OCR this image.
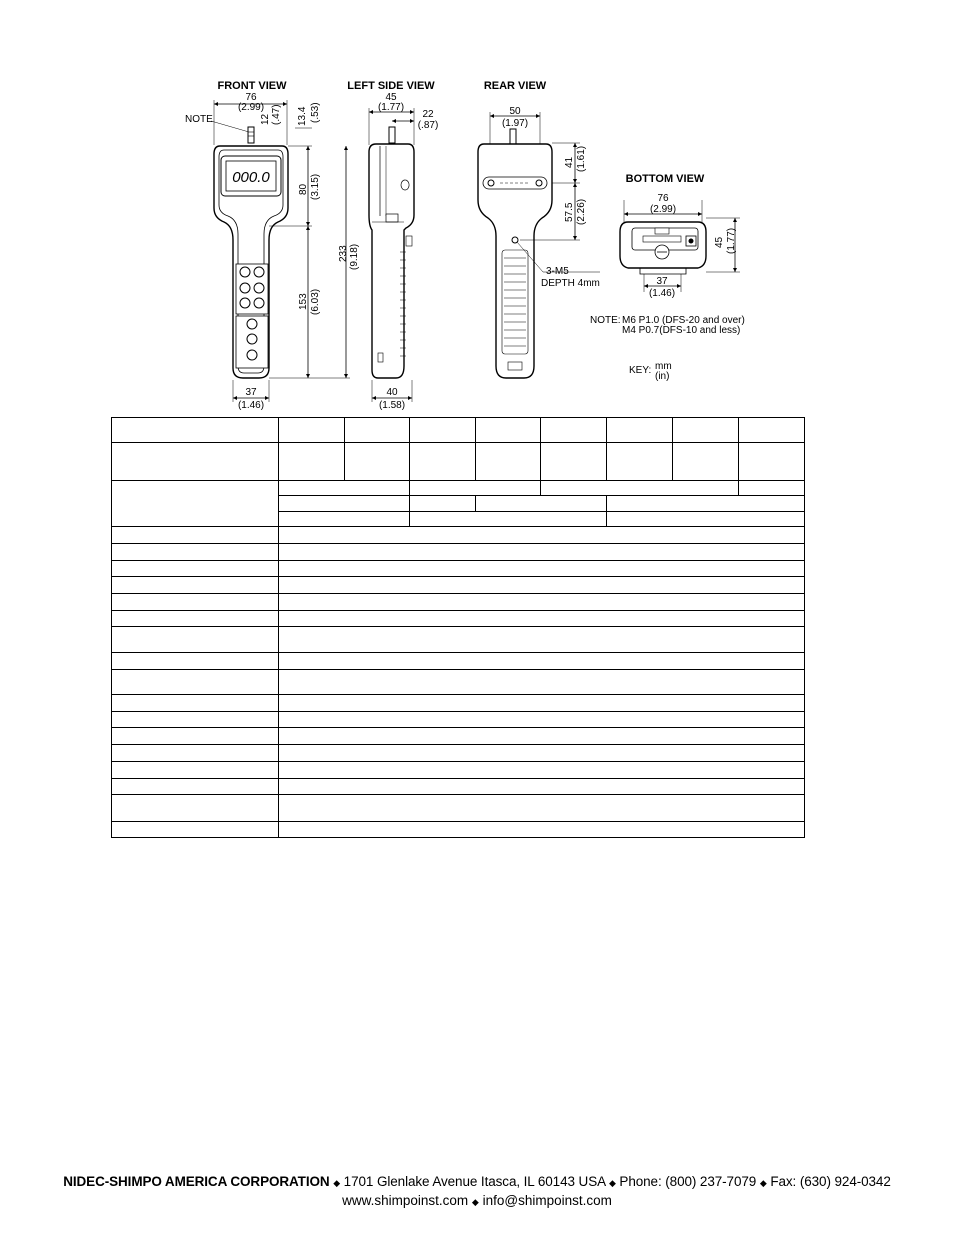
FRONT VIEW
76
(2.99)
NOTE	12 (.47) 13.4 (.53)
000.0
80 (3.15)
153 (6.03)
233 (9.18)
37
(1.46)
LEFT SIDE VIEW
45
(1.77)
22
(.87)
40
(1.58)
REAR VIEW
50
(1.97)
41 (1.61)
57.5 (2.26)
3-M5
DEPTH 4mm
BOTTOM VIEW
76
(2.99)
45 (1.77)
37
(1.46)
NOTE: M6 P1.0 (DFS-20 and over)
M4 P0.7(DFS-10 and less)
KEY: mm
(in)

NIDEC-SHIMPO AMERICA CORPORATION ◆ 1701 Glenlake Avenue Itasca, IL 60143 USA ◆ Phone: (800) 237-7079 ◆ Fax: (630) 924-0342
www.shimpoinst.com ◆ info@shimpoinst.com
